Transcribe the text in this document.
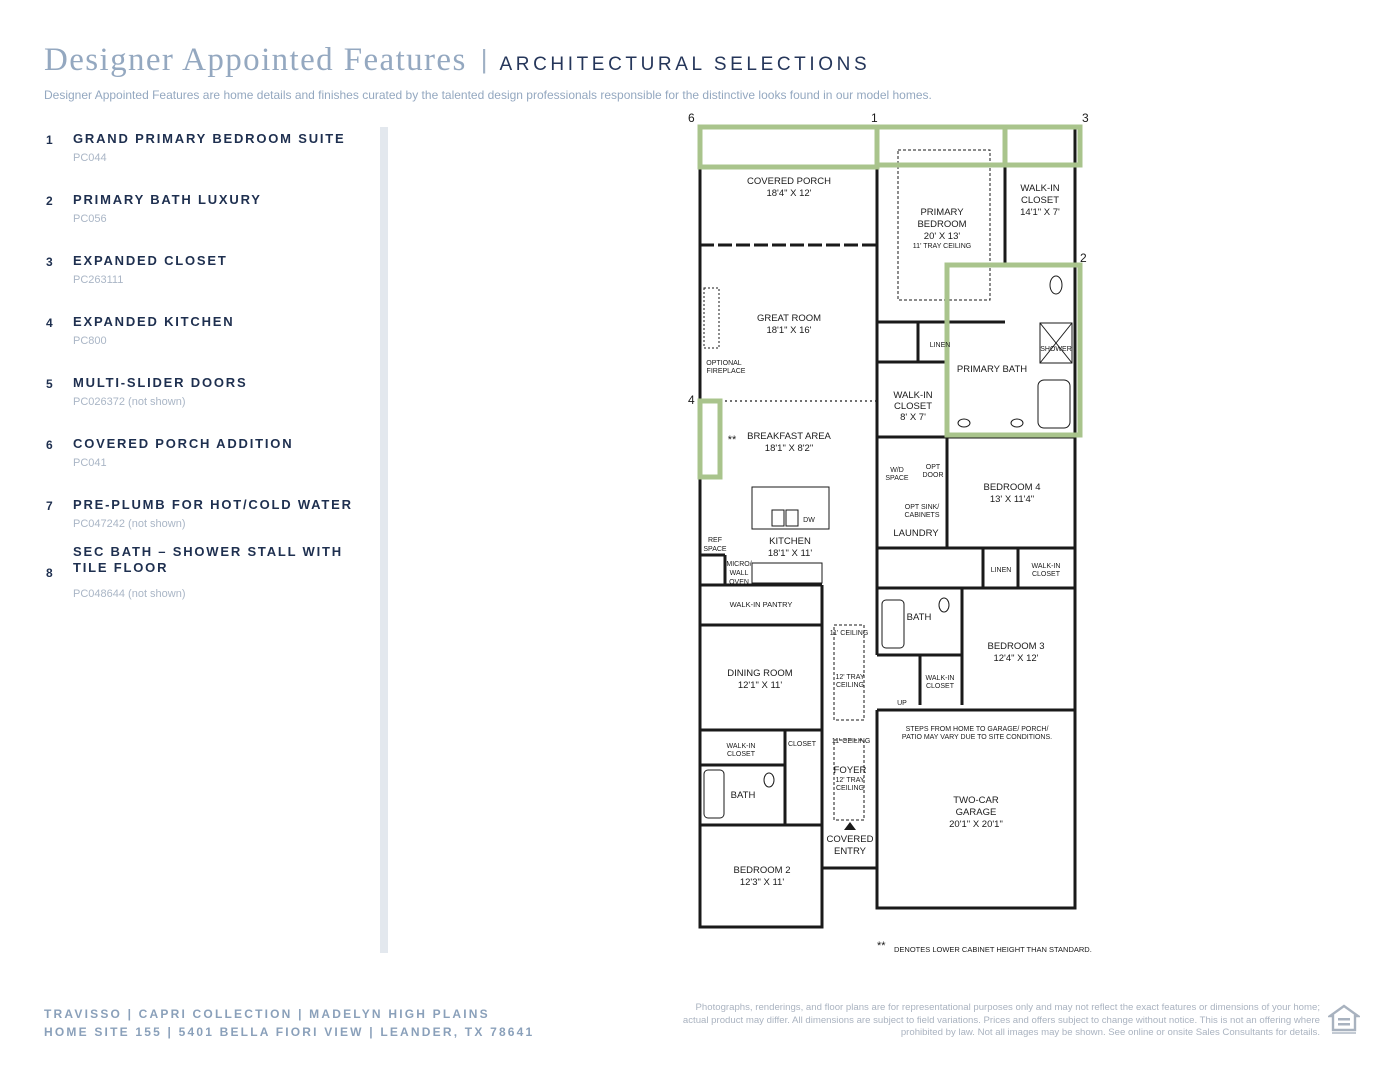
Designer Appointed Features | ARCHITECTURAL SELECTIONS
Designer Appointed Features are home details and finishes curated by the talented design professionals responsible for the distinctive looks found in our model homes.
1 GRAND PRIMARY BEDROOM SUITE
PC044
2 PRIMARY BATH LUXURY
PC056
3 EXPANDED CLOSET
PC263111
4 EXPANDED KITCHEN
PC800
5 MULTI-SLIDER DOORS
PC026372 (not shown)
6 COVERED PORCH ADDITION
PC041
7 PRE-PLUMB FOR HOT/COLD WATER
PC047242 (not shown)
8
SEC BATH – SHOWER STALL WITH TILE FLOOR
PC048644 (not shown)
6	1	3
2
4
COVERED PORCH
18'4" X 12'
PRIMARY
BEDROOM
20' X 13'
11' TRAY CEILING
WALK-IN
CLOSET
14'1" X 7'
GREAT ROOM
18'1" X 16'
OPTIONAL
FIREPLACE
LINEN
SHOWER
PRIMARY BATH
WALK-IN
CLOSET
8' X 7'
BREAKFAST AREA
18'1" X 8'2"
**
W/D
SPACE
OPT
DOOR
OPT SINK/
CABINETS
LAUNDRY
BEDROOM 4
13' X 11'4"
DW
REF
SPACE
KITCHEN
18'1" X 11'
MICRO/
WALL
OVEN
LINEN
WALK-IN
CLOSET
WALK-IN PANTRY
11' CEILING
BATH
BEDROOM 3
12'4" X 12'
DINING ROOM
12'1" X 11'
12' TRAY
CEILING
WALK-IN
CLOSET
UP
STEPS FROM HOME TO GARAGE/ PORCH/
PATIO MAY VARY DUE TO SITE CONDITIONS.
WALK-IN
CLOSET
CLOSET 11' CEILING
BATH
FOYER
12' TRAY
CEILING
TWO-CAR
GARAGE
20'1" X 20'1"
COVERED
ENTRY
BEDROOM 2
12'3" X 11'
** DENOTES LOWER CABINET HEIGHT THAN STANDARD.
TRAVISSO | CAPRI COLLECTION | MADELYN HIGH PLAINS
HOME SITE 155 | 5401 BELLA FIORI VIEW | LEANDER, TX 78641
Photographs, renderings, and floor plans are for representational purposes only and may not reflect the exact features or dimensions of your home; actual product may differ. All dimensions are subject to field variations. Prices and offers subject to change without notice. This is not an offering where prohibited by law. Not all images may be shown. See online or onsite Sales Consultants for details.
